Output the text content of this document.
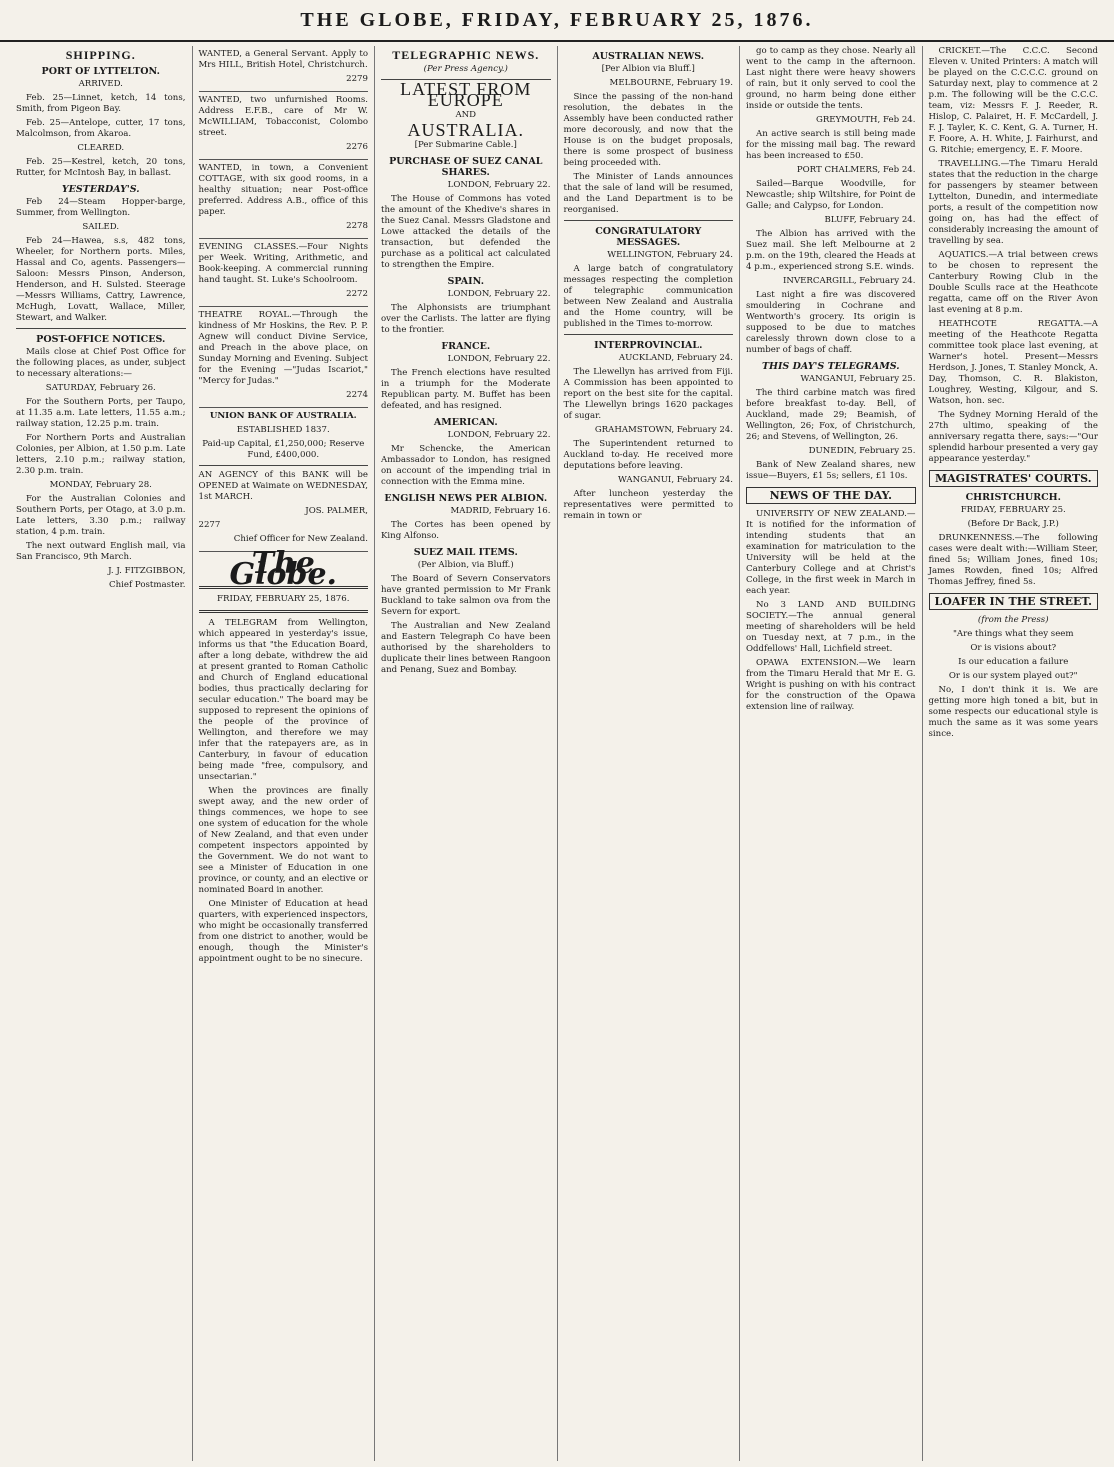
THE GLOBE, FRIDAY, FEBRUARY 25, 1876.
SHIPPING.
PORT OF LYTTELTON.

ARRIVED.

Feb. 25—Linnet, ketch, 14 tons, Smith, from Pigeon Bay.

Feb. 25—Antelope, cutter, 17 tons, Malcolmson, from Akaroa.

CLEARED.

Feb. 25—Kestrel, ketch, 20 tons, Rutter, for McIntosh Bay, in ballast.

YESTERDAY'S.

Feb 24—Steam Hopper-barge, Summer, from Wellington.

SAILED.

Feb 24—Hawea, s.s, 482 tons, Wheeler, for Northern ports. Miles, Hassal and Co, agents. Passengers—Saloon: Messrs Pinson, Anderson, Henderson, and H. Sulsted. Steerage—Messrs Williams, Cattry, Lawrence, McHugh, Lovatt, Wallace, Miller, Stewart, and Walker.

POST-OFFICE NOTICES.

Mails close at Chief Post Office for the following places, as under, subject to necessary alterations:—

SATURDAY, February 26.

For the Southern Ports, per Taupo, at 11.35 a.m. Late letters, 11.55 a.m.; railway station, 12.25 p.m. train.

For Northern Ports and Australian Colonies, per Albion, at 1.50 p.m. Late letters, 2.10 p.m.; railway station, 2.30 p.m. train.

MONDAY, February 28.

For the Australian Colonies and Southern Ports, per Otago, at 3.0 p.m. Late letters, 3.30 p.m.; railway station, 4 p.m. train.

The next outward English mail, via San Francisco, 9th March.

J. J. FITZGIBBON,

Chief Postmaster.

WANTED, a General Servant. Apply to Mrs HILL, British Hotel, Christchurch.

2279

WANTED, two unfurnished Rooms. Address E.F.B., care of Mr W. McWILLIAM, Tobacconist, Colombo street.

2276

WANTED, in town, a Convenient COTTAGE, with six good rooms, in a healthy situation; near Post-office preferred. Address A.B., office of this paper.

2278

EVENING CLASSES.—Four Nights per Week. Writing, Arithmetic, and Book-keeping. A commercial running hand taught. St. Luke's Schoolroom.

2272

THEATRE ROYAL.—Through the kindness of Mr Hoskins, the Rev. P. P. Agnew will conduct Divine Service, and Preach in the above place, on Sunday Morning and Evening. Subject for the Evening —"Judas Iscariot," "Mercy for Judas."

2274

UNION BANK OF AUSTRALIA.

ESTABLISHED 1837.

Paid-up Capital, £1,250,000; Reserve Fund, £400,000.

AN AGENCY of this BANK will be OPENED at Waimate on WEDNESDAY, 1st MARCH.

JOS. PALMER,

2277

Chief Officer for New Zealand.

The Globe.

FRIDAY, FEBRUARY 25, 1876.

A TELEGRAM from Wellington, which appeared in yesterday's issue, informs us that "the Education Board, after a long debate, withdrew the aid at present granted to Roman Catholic and Church of England educational bodies, thus practically declaring for secular education." The board may be supposed to represent the opinions of the people of the province of Wellington, and therefore we may infer that the ratepayers are, as in Canterbury, in favour of education being made "free, compulsory, and unsectarian."

When the provinces are finally swept away, and the new order of things commences, we hope to see one system of education for the whole of New Zealand, and that even under competent inspectors appointed by the Government. We do not want to see a Minister of Education in one province, or county, and an elective or nominated Board in another.

One Minister of Education at head quarters, with experienced inspectors, who might be occasionally transferred from one district to another, would be enough, though the Minister's appointment ought to be no sinecure.

TELEGRAPHIC NEWS.

(Per Press Agency.)

LATEST FROM EUROPE

AND

AUSTRALIA.

[Per Submarine Cable.]

PURCHASE OF SUEZ CANAL SHARES.

LONDON, February 22.

The House of Commons has voted the amount of the Khedive's shares in the Suez Canal. Messrs Gladstone and Lowe attacked the details of the transaction, but defended the purchase as a political act calculated to strengthen the Empire.

SPAIN.

LONDON, February 22.

The Alphonsists are triumphant over the Carlists. The latter are flying to the frontier.

FRANCE.

LONDON, February 22.

The French elections have resulted in a triumph for the Moderate Republican party. M. Buffet has been defeated, and has resigned.

AMERICAN.

LONDON, February 22.

Mr Schencke, the American Ambassador to London, has resigned on account of the impending trial in connection with the Emma mine.

ENGLISH NEWS PER ALBION.

MADRID, February 16.

The Cortes has been opened by King Alfonso.

SUEZ MAIL ITEMS.

(Per Albion, via Bluff.)

The Board of Severn Conservators have granted permission to Mr Frank Buckland to take salmon ova from the Severn for export.

The Australian and New Zealand and Eastern Telegraph Co have been authorised by the shareholders to duplicate their lines between Rangoon and Penang, Suez and Bombay.

AUSTRALIAN NEWS.

[Per Albion via Bluff.]

MELBOURNE, February 19.

Since the passing of the non-hand resolution, the debates in the Assembly have been conducted rather more decorously, and now that the House is on the budget proposals, there is some prospect of business being proceeded with.

The Minister of Lands announces that the sale of land will be resumed, and the Land Department is to be reorganised.

CONGRATULATORY MESSAGES.

WELLINGTON, February 24.

A large batch of congratulatory messages respecting the completion of telegraphic communication between New Zealand and Australia and the Home country, will be published in the Times to-morrow.

INTERPROVINCIAL.

AUCKLAND, February 24.

The Llewellyn has arrived from Fiji. A Commission has been appointed to report on the best site for the capital. The Llewellyn brings 1620 packages of sugar.

GRAHAMSTOWN, February 24.

The Superintendent returned to Auckland to-day. He received more deputations before leaving.

WANGANUI, February 24.

After luncheon yesterday the representatives were permitted to remain in town or

go to camp as they chose. Nearly all went to the camp in the afternoon. Last night there were heavy showers of rain, but it only served to cool the ground, no harm being done either inside or outside the tents.

GREYMOUTH, Feb 24.

An active search is still being made for the missing mail bag. The reward has been increased to £50.

PORT CHALMERS, Feb 24.

Sailed—Barque Woodville, for Newcastle; ship Wiltshire, for Point de Galle; and Calypso, for London.

BLUFF, February 24.

The Albion has arrived with the Suez mail. She left Melbourne at 2 p.m. on the 19th, cleared the Heads at 4 p.m., experienced strong S.E. winds.

INVERCARGILL, February 24.

Last night a fire was discovered smouldering in Cochrane and Wentworth's grocery. Its origin is supposed to be due to matches carelessly thrown down close to a number of bags of chaff.

THIS DAY'S TELEGRAMS.

WANGANUI, February 25.

The third carbine match was fired before breakfast to-day. Bell, of Auckland, made 29; Beamish, of Wellington, 26; Fox, of Christchurch, 26; and Stevens, of Wellington, 26.

DUNEDIN, February 25.

Bank of New Zealand shares, new issue—Buyers, £1 5s; sellers, £1 10s.

NEWS OF THE DAY.

UNIVERSITY OF NEW ZEALAND.—It is notified for the information of intending students that an examination for matriculation to the University will be held at the Canterbury College and at Christ's College, in the first week in March in each year.

No 3 LAND AND BUILDING SOCIETY.—The annual general meeting of shareholders will be held on Tuesday next, at 7 p.m., in the Oddfellows' Hall, Lichfield street.

OPAWA EXTENSION.—We learn from the Timaru Herald that Mr E. G. Wright is pushing on with his contract for the construction of the Opawa extension line of railway.

CRICKET.—The C.C.C. Second Eleven v. United Printers: A match will be played on the C.C.C.C. ground on Saturday next, play to commence at 2 p.m. The following will be the C.C.C. team, viz: Messrs F. J. Reeder, R. Hislop, C. Palairet, H. F. McCardell, J. F. J. Tayler, K. C. Kent, G. A. Turner, H. F. Foore, A. H. White, J. Fairhurst, and G. Ritchie; emergency, E. F. Moore.

TRAVELLING.—The Timaru Herald states that the reduction in the charge for passengers by steamer between Lyttelton, Dunedin, and intermediate ports, a result of the competition now going on, has had the effect of considerably increasing the amount of travelling by sea.

AQUATICS.—A trial between crews to be chosen to represent the Canterbury Rowing Club in the Double Sculls race at the Heathcote regatta, came off on the River Avon last evening at 8 p.m.

HEATHCOTE REGATTA.—A meeting of the Heathcote Regatta committee took place last evening, at Warner's hotel. Present—Messrs Herdson, J. Jones, T. Stanley Monck, A. Day, Thomson, C. R. Blakiston, Loughrey, Westing, Kilgour, and S. Watson, hon. sec.

The Sydney Morning Herald of the 27th ultimo, speaking of the anniversary regatta there, says:—"Our splendid harbour presented a very gay appearance yesterday."

MAGISTRATES' COURTS.
CHRISTCHURCH.

FRIDAY, FEBRUARY 25.

(Before Dr Back, J.P.)

DRUNKENNESS.—The following cases were dealt with:—William Steer, fined 5s; William Jones, fined 10s; James Rowden, fined 10s; Alfred Thomas Jeffrey, fined 5s.

LOAFER IN THE STREET.

(from the Press)

"Are things what they seem

Or is visions about?

Is our education a failure

Or is our system played out?"

No, I don't think it is. We are getting more high toned a bit, but in some respects our educational style is much the same as it was some years since.
